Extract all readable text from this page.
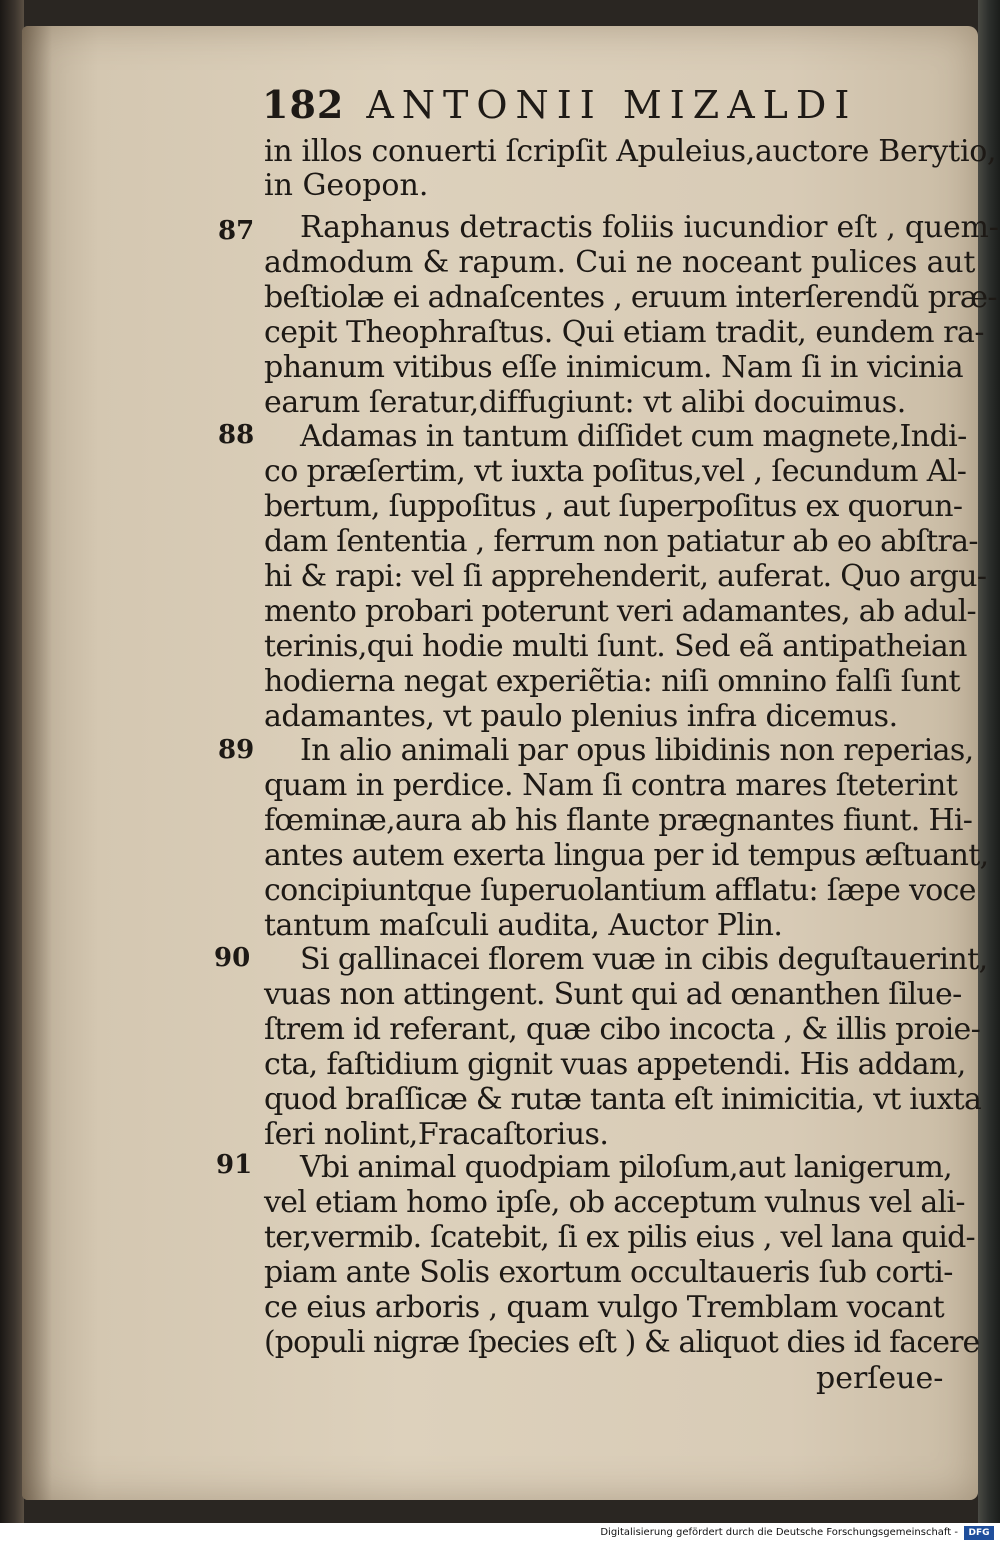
182 ANTONII MIZALDI
in illos conuerti ſcripſit Apuleius,auctore Berytio,
in Geopon.
87 Raphanus detractis foliis iucundior eſt , quem-
admodum & rapum. Cui ne noceant pulices aut
beſtiolæ ei adnaſcentes , eruum interſerendũ præ-
cepit Theophraſtus. Qui etiam tradit, eundem ra-
phanum vitibus eſſe inimicum. Nam ſi in vicinia
earum ſeratur,diffugiunt: vt alibi docuimus.
88 Adamas in tantum diſſidet cum magnete,Indi-
co præſertim, vt iuxta poſitus,vel , ſecundum Al-
bertum, ſuppoſitus , aut ſuperpoſitus ex quorun-
dam ſententia , ferrum non patiatur ab eo abſtra-
hi & rapi: vel ſi apprehenderit, auferat. Quo argu-
mento probari poterunt veri adamantes, ab adul-
terinis,qui hodie multi ſunt. Sed eã antipatheian
hodierna negat experiẽtia: niſi omnino falſi ſunt
adamantes, vt paulo plenius infra dicemus.
89 In alio animali par opus libidinis non reperias,
quam in perdice. Nam ſi contra mares ſteterint
fœminæ,aura ab his flante prægnantes fiunt. Hi-
antes autem exerta lingua per id tempus æſtuant,
concipiuntque ſuperuolantium afflatu: ſæpe voce
tantum maſculi audita, Auctor Plin.
90 Si gallinacei florem vuæ in cibis deguſtauerint,
vuas non attingent. Sunt qui ad œnanthen ſilue-
ſtrem id referant, quæ cibo incocta , & illis proie-
cta, faſtidium gignit vuas appetendi. His addam,
quod braſſicæ & rutæ tanta eſt inimicitia, vt iuxta
ſeri nolint,Fracaſtorius.
91 Vbi animal quodpiam piloſum,aut lanigerum,
vel etiam homo ipſe, ob acceptum vulnus vel ali-
ter,vermib. ſcatebit, ſi ex pilis eius , vel lana quid-
piam ante Solis exortum occultaueris ſub corti-
ce eius arboris , quam vulgo Tremblam vocant
(populi nigræ ſpecies eſt ) & aliquot dies id facere
perſeue-
Digitalisierung gefördert durch die Deutsche Forschungsgemeinschaft -	DFG
